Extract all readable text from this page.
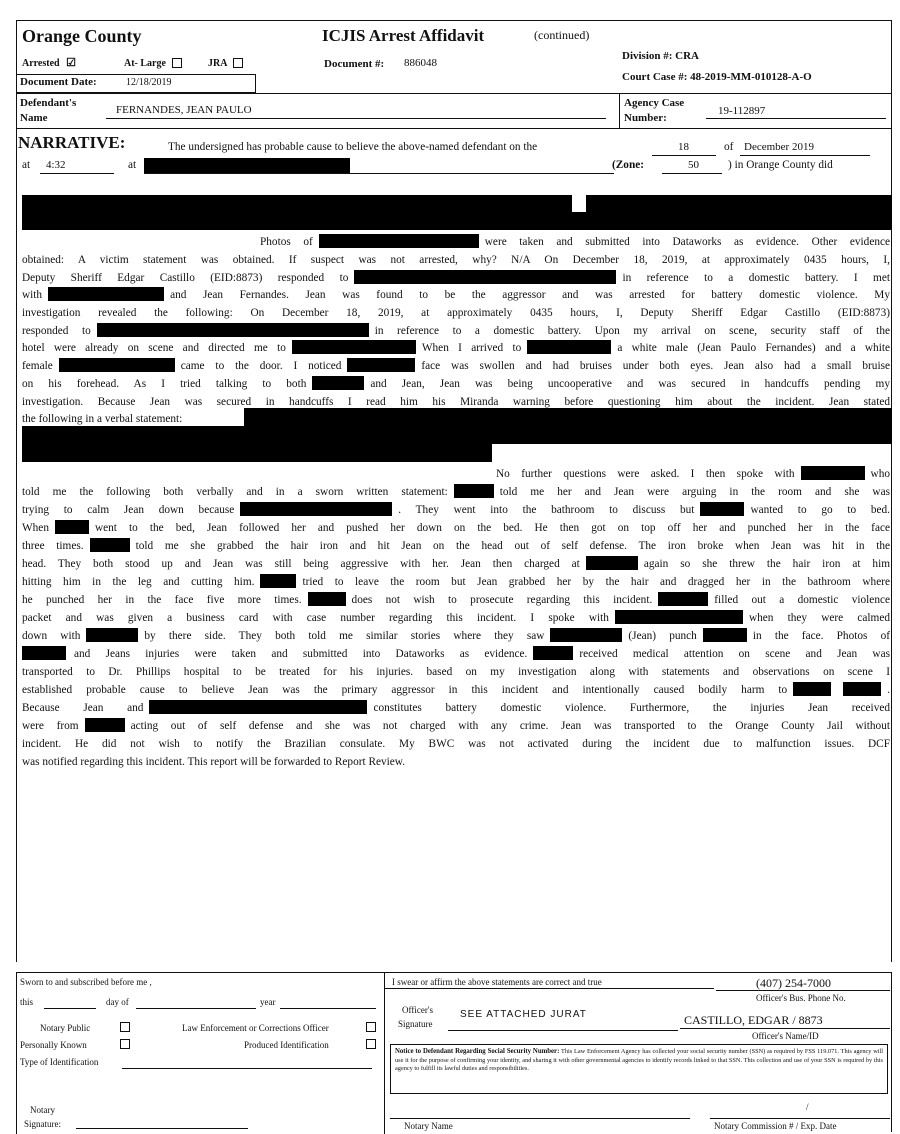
Orange County	ICJIS Arrest Affidavit	(continued)
Arrested ☑	At- Large	JRA	Document #: 886048
Division #: CRA
Court Case #: 48-2019-MM-010128-A-O
Document Date:	12/18/2019
Defendant's
Name
FERNANDES, JEAN PAULO
Agency Case
Number:
19-112897
NARRATIVE:	The undersigned has probable cause to believe the above-named defendant on the	18	of December 2019
at 4:32	at	(Zone:	50	) in Orange County did
Photos of	were taken and submitted into Dataworks as evidence. Other evidence
obtained: A victim statement was obtained. If suspect was not arrested, why? N/A On December 18, 2019, at approximately 0435 hours, I,
Deputy Sheriff Edgar Castillo (EID:8873) responded to	in reference to a domestic battery. I met
with	and Jean Fernandes. Jean was found to be the aggressor and was arrested for battery domestic violence. My
investigation revealed the following: On December 18, 2019, at approximately 0435 hours, I, Deputy Sheriff Edgar Castillo (EID:8873)
responded to	in reference to a domestic battery. Upon my arrival on scene, security staff of the
hotel were already on scene and directed me to	When I arrived to	a white male (Jean Paulo Fernandes) and a white
female	came to the door. I noticed	face was swollen and had bruises under both eyes. Jean also had a small bruise
on his forehead. As I tried talking to both	and Jean, Jean was being uncooperative and was secured in handcuffs pending my
investigation. Because Jean was secured in handcuffs I read him his Miranda warning before questioning him about the incident. Jean stated
the following in a verbal statement:
No further questions were asked. I then spoke with	who
told me the following both verbally and in a sworn written statement:	told me her and Jean were arguing in the room and she was
trying to calm Jean down because	. They went into the bathroom to discuss but	wanted to go to bed.
When	went to the bed, Jean followed her and pushed her down on the bed. He then got on top off her and punched her in the face
three times.	told me she grabbed the hair iron and hit Jean on the head out of self defense. The iron broke when Jean was hit in the
head. They both stood up and Jean was still being aggressive with her. Jean then charged at	again so she threw the hair iron at him
hitting him in the leg and cutting him.	tried to leave the room but Jean grabbed her by the hair and dragged her in the bathroom where
he punched her in the face five more times.	does not wish to prosecute regarding this incident.	filled out a domestic violence
packet and was given a business card with case number regarding this incident. I spoke with	when they were calmed
down with	by there side. They both told me similar stories where they saw	(Jean) punch	in the face. Photos of
and Jeans injuries were taken and submitted into Dataworks as evidence.	received medical attention on scene and Jean was
transported to Dr. Phillips hospital to be treated for his injuries. based on my investigation along with statements and observations on scene I
established probable cause to believe Jean was the primary aggressor in this incident and intentionally caused bodily harm to	.
Because Jean and	constitutes battery domestic violence. Furthermore, the injuries Jean received
were from	acting out of self defense and she was not charged with any crime. Jean was transported to the Orange County Jail without
incident. He did not wish to notify the Brazilian consulate. My BWC was not activated during the incident due to malfunction issues. DCF
was notified regarding this incident. This report will be forwarded to Report Review.
Sworn to and subscribed before me ,
this	day of	year
Notary Public	Law Enforcement or Corrections Officer
Personally Known	Produced Identification
Type of Identification
Notary
Signature:
I swear or affirm the above statements are correct and true
Officer's
Signature
SEE ATTACHED JURAT
(407) 254-7000
Officer's Bus. Phone No.
CASTILLO, EDGAR / 8873
Officer's Name/ID
Notice to Defendant Regarding Social Security Number: This Law Enforcement Agency has collected your social security number (SSN) as required by FSS 119.071. This agency will use it for the purpose of confirming your identity, and sharing it with other governmental agencies to identify records linked to that SSN. This collection and use of your SSN is required by this agency to fulfill its lawful duties and responsibilities.
/
Notary Name	Notary Commission # / Exp. Date
